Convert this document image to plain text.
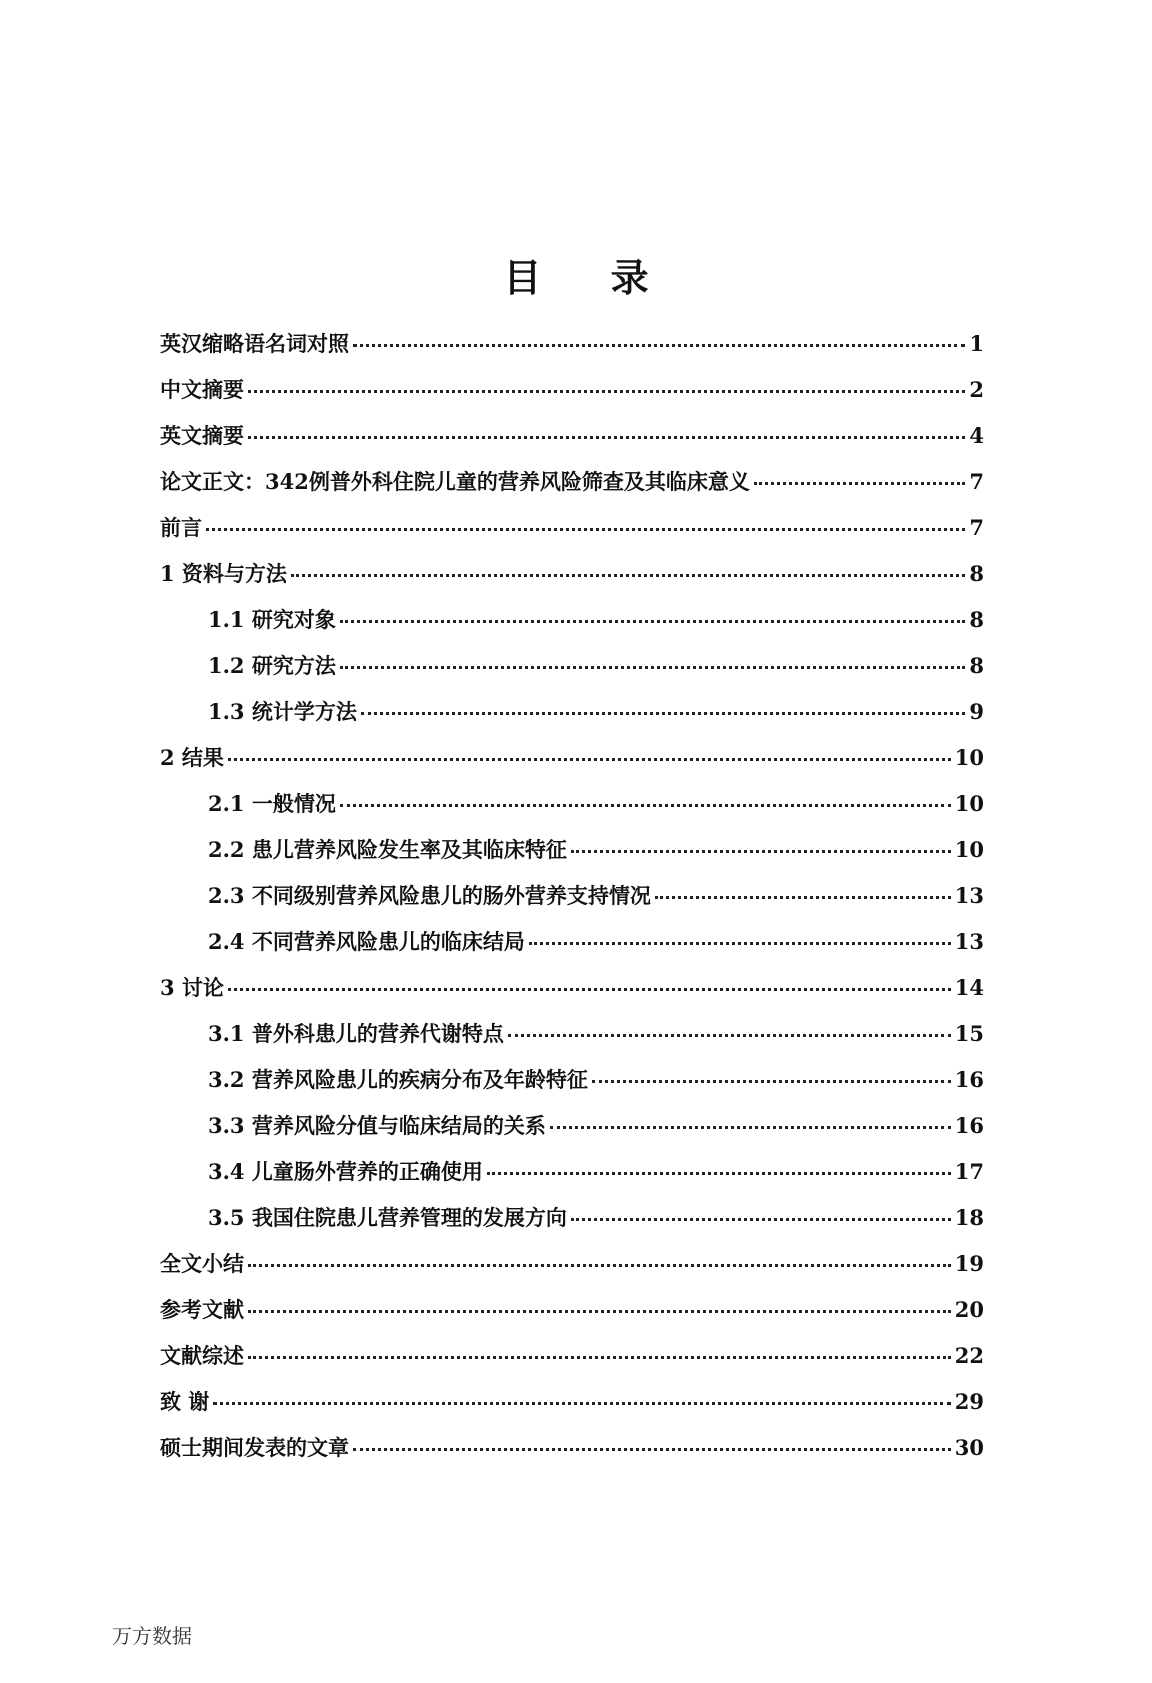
目 录
英汉缩略语名词对照	1
中文摘要	2
英文摘要	4
论文正文：342例普外科住院儿童的营养风险筛查及其临床意义	7
前言	7
1 资料与方法	8
1.1 研究对象	8
1.2 研究方法	8
1.3 统计学方法	9
2 结果	10
2.1 一般情况	10
2.2 患儿营养风险发生率及其临床特征	10
2.3 不同级别营养风险患儿的肠外营养支持情况	13
2.4 不同营养风险患儿的临床结局	13
3 讨论	14
3.1 普外科患儿的营养代谢特点	15
3.2 营养风险患儿的疾病分布及年龄特征	16
3.3 营养风险分值与临床结局的关系	16
3.4 儿童肠外营养的正确使用	17
3.5 我国住院患儿营养管理的发展方向	18
全文小结	19
参考文献	20
文献综述	22
致 谢	29
硕士期间发表的文章	30
万方数据
